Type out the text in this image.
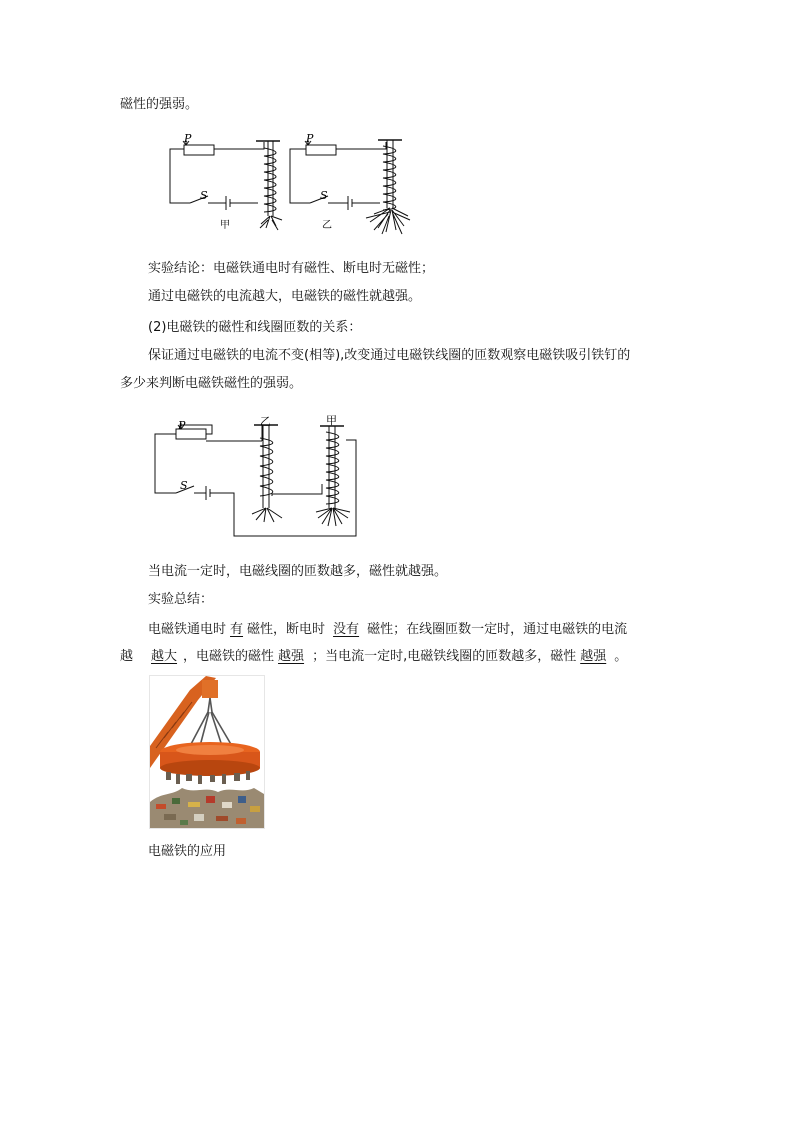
磁性的强弱。
P
S
甲
P
S
乙
实验结论：电磁铁通电时有磁性、断电时无磁性；
通过电磁铁的电流越大，电磁铁的磁性就越强。
(2)电磁铁的磁性和线圈匝数的关系：
保证通过电磁铁的电流不变(相等),改变通过电磁铁线圈的匝数观察电磁铁吸引铁钉的
多少来判断电磁铁磁性的强弱。
P
S
乙	甲
当电流一定时，电磁线圈的匝数越多，磁性就越强。
实验总结：
电磁铁通电时 有 磁性，断电时 没有 磁性；在线圈匝数一定时，通过电磁铁的电流
越 越大 ，电磁铁的磁性 越强 ；当电流一定时,电磁铁线圈的匝数越多，磁性 越强 。
电磁铁的应用
